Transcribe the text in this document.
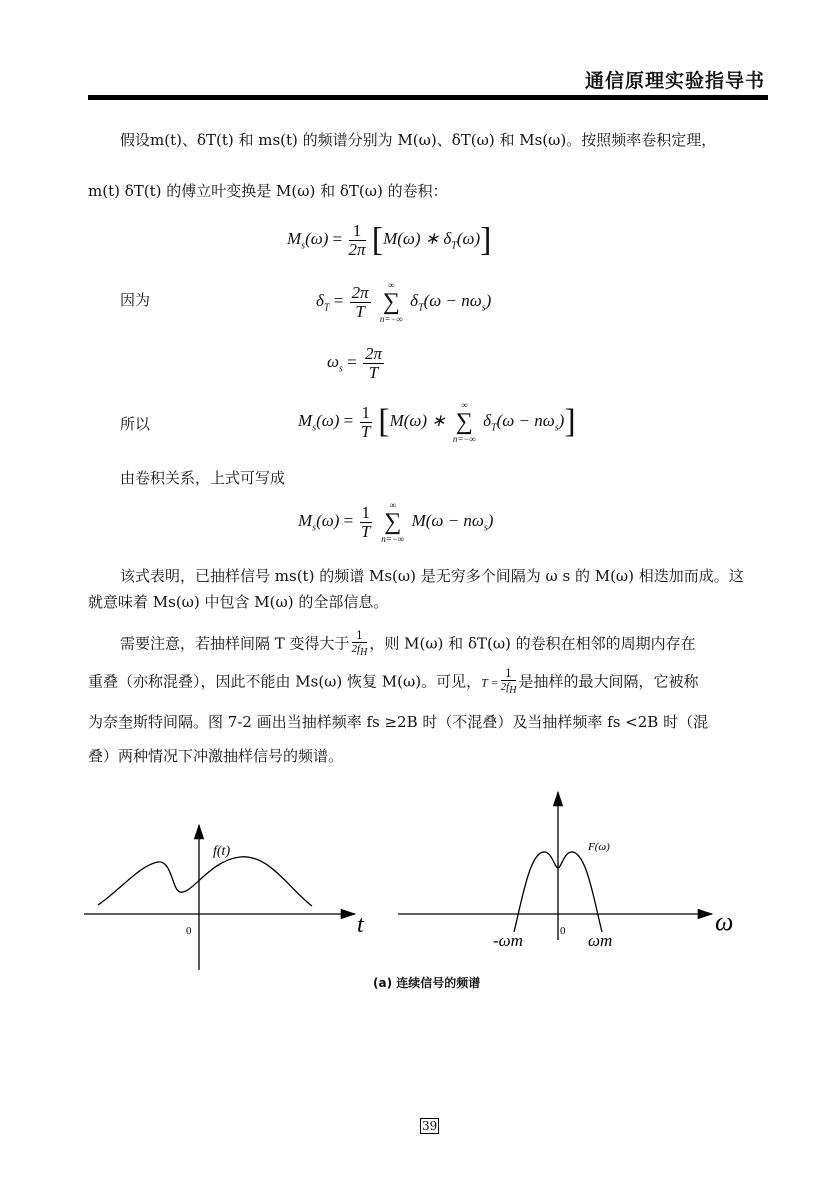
通信原理实验指导书
假设m(t)、δT(t) 和 ms(t) 的频谱分别为 M(ω)、δT(ω) 和 Ms(ω)。按照频率卷积定理，
m(t) δT(t) 的傅立叶变换是 M(ω) 和 δT(ω) 的卷积：
$M_s(\omega) = \frac{1}{2\pi} [M(\omega)$ ∗ $\delta_T(\omega)$]
因为	$\delta_T = \frac{2\pi}{T}$
	∞
∑
n=−∞
$\delta_T(\omega - n\omega_s)$
$\omega_s = \frac{2\pi}{T}$
所以	$M_s(\omega) = \frac{1}{T} [M(\omega)$ ∗
∞
∑
n=−∞
$\delta_T(\omega - n\omega_s)$]
由卷积关系，上式可写成
$M_s(\omega) = \frac{1}{T}$
	∞
∑
n=−∞
$M(\omega - n\omega_s)$
该式表明，已抽样信号 ms(t) 的频谱 Ms(ω) 是无穷多个间隔为 ω s 的 M(ω) 相迭加而成。这
就意味着 Ms(ω) 中包含 M(ω) 的全部信息。
需要注意，若抽样间隔 T 变得大于 $\frac{1}{2f_H}$ ，则 M(ω) 和 δT(ω) 的卷积在相邻的周期内存在
重叠（亦称混叠），因此不能由 Ms(ω) 恢复 M(ω)。可见，$T = \frac{1}{2f_H}$ 是抽样的最大间隔，它被称
为奈奎斯特间隔。图 7-2 画出当抽样频率 fs ≥2B 时（不混叠）及当抽样频率 fs <2B 时（混
叠）两种情况下冲激抽样信号的频谱。
f(t)
0	t
F(ω)
0
-ωm	ωm
ω
(a) 连续信号的频谱
39
